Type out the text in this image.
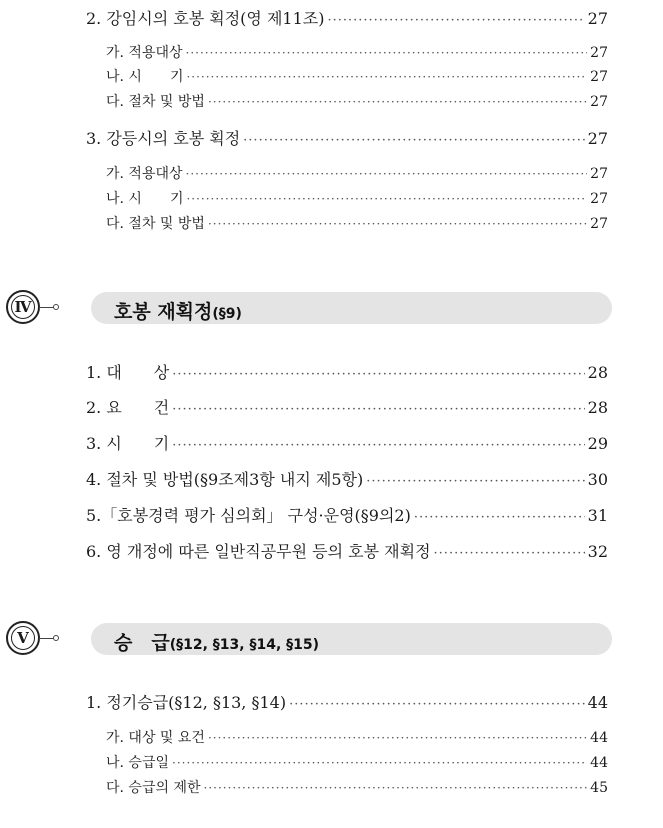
2. 강임시의 호봉 획정(영 제11조) ·····	27
가. 적용대상 ·····	27
나. 시　　기 ·····	27
다. 절차 및 방법 ·····	27
3. 강등시의 호봉 획정 ·····	27
가. 적용대상 ·····	27
나. 시　　기 ·····	27
다. 절차 및 방법 ·····	27
Ⅳ	호봉 재획정(§9)
1. 대　　상 ·····	28
2. 요　　건 ·····	28
3. 시　　기 ·····	29
4. 절차 및 방법(§9조제3항 내지 제5항) ·····	30
5.「호봉경력 평가 심의회」 구성·운영(§9의2) ·····	31
6. 영 개정에 따른 일반직공무원 등의 호봉 재획정 ·····	32
Ⅴ	승　급(§12, §13, §14, §15)
1. 정기승급(§12, §13, §14) ·····	44
가. 대상 및 요건 ·····	44
나. 승급일 ·····	44
다. 승급의 제한 ·····	45
